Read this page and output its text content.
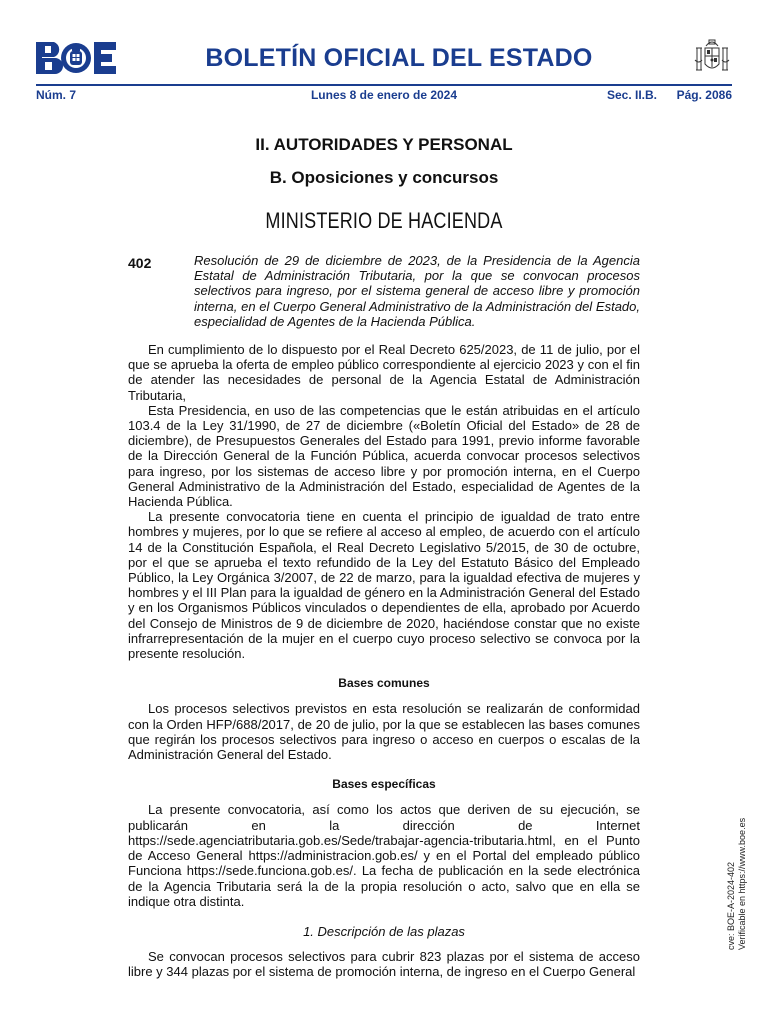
BOLETÍN OFICIAL DEL ESTADO
Núm. 7	Lunes 8 de enero de 2024	Sec. II.B. Pág. 2086
II. AUTORIDADES Y PERSONAL
B. Oposiciones y concursos
MINISTERIO DE HACIENDA
402	Resolución de 29 de diciembre de 2023, de la Presidencia de la Agencia Estatal de Administración Tributaria, por la que se convocan procesos selectivos para ingreso, por el sistema general de acceso libre y promoción interna, en el Cuerpo General Administrativo de la Administración del Estado, especialidad de Agentes de la Hacienda Pública.

En cumplimiento de lo dispuesto por el Real Decreto 625/2023, de 11 de julio, por el que se aprueba la oferta de empleo público correspondiente al ejercicio 2023 y con el fin de atender las necesidades de personal de la Agencia Estatal de Administración Tributaria,

Esta Presidencia, en uso de las competencias que le están atribuidas en el artículo 103.4 de la Ley 31/1990, de 27 de diciembre («Boletín Oficial del Estado» de 28 de diciembre), de Presupuestos Generales del Estado para 1991, previo informe favorable de la Dirección General de la Función Pública, acuerda convocar procesos selectivos para ingreso, por los sistemas de acceso libre y por promoción interna, en el Cuerpo General Administrativo de la Administración del Estado, especialidad de Agentes de la Hacienda Pública.

La presente convocatoria tiene en cuenta el principio de igualdad de trato entre hombres y mujeres, por lo que se refiere al acceso al empleo, de acuerdo con el artículo 14 de la Constitución Española, el Real Decreto Legislativo 5/2015, de 30 de octubre, por el que se aprueba el texto refundido de la Ley del Estatuto Básico del Empleado Público, la Ley Orgánica 3/2007, de 22 de marzo, para la igualdad efectiva de mujeres y hombres y el III Plan para la igualdad de género en la Administración General del Estado y en los Organismos Públicos vinculados o dependientes de ella, aprobado por Acuerdo del Consejo de Ministros de 9 de diciembre de 2020, haciéndose constar que no existe infrarrepresentación de la mujer en el cuerpo cuyo proceso selectivo se convoca por la presente resolución.

Bases comunes

Los procesos selectivos previstos en esta resolución se realizarán de conformidad con la Orden HFP/688/2017, de 20 de julio, por la que se establecen las bases comunes que regirán los procesos selectivos para ingreso o acceso en cuerpos o escalas de la Administración General del Estado.

Bases específicas

La presente convocatoria, así como los actos que deriven de su ejecución, se publicarán en la dirección de Internet https://sede.agenciatributaria.gob.es/Sede/trabajar-agencia-tributaria.html, en el Punto de Acceso General https://administracion.gob.es/ y en el Portal del empleado público Funciona https://sede.funciona.gob.es/. La fecha de publicación en la sede electrónica de la Agencia Tributaria será la de la propia resolución o acto, salvo que en ella se indique otra distinta.

1. Descripción de las plazas

Se convocan procesos selectivos para cubrir 823 plazas por el sistema de acceso libre y 344 plazas por el sistema de promoción interna, de ingreso en el Cuerpo General

cve: BOE-A-2024-402 Verificable en https://www.boe.es
